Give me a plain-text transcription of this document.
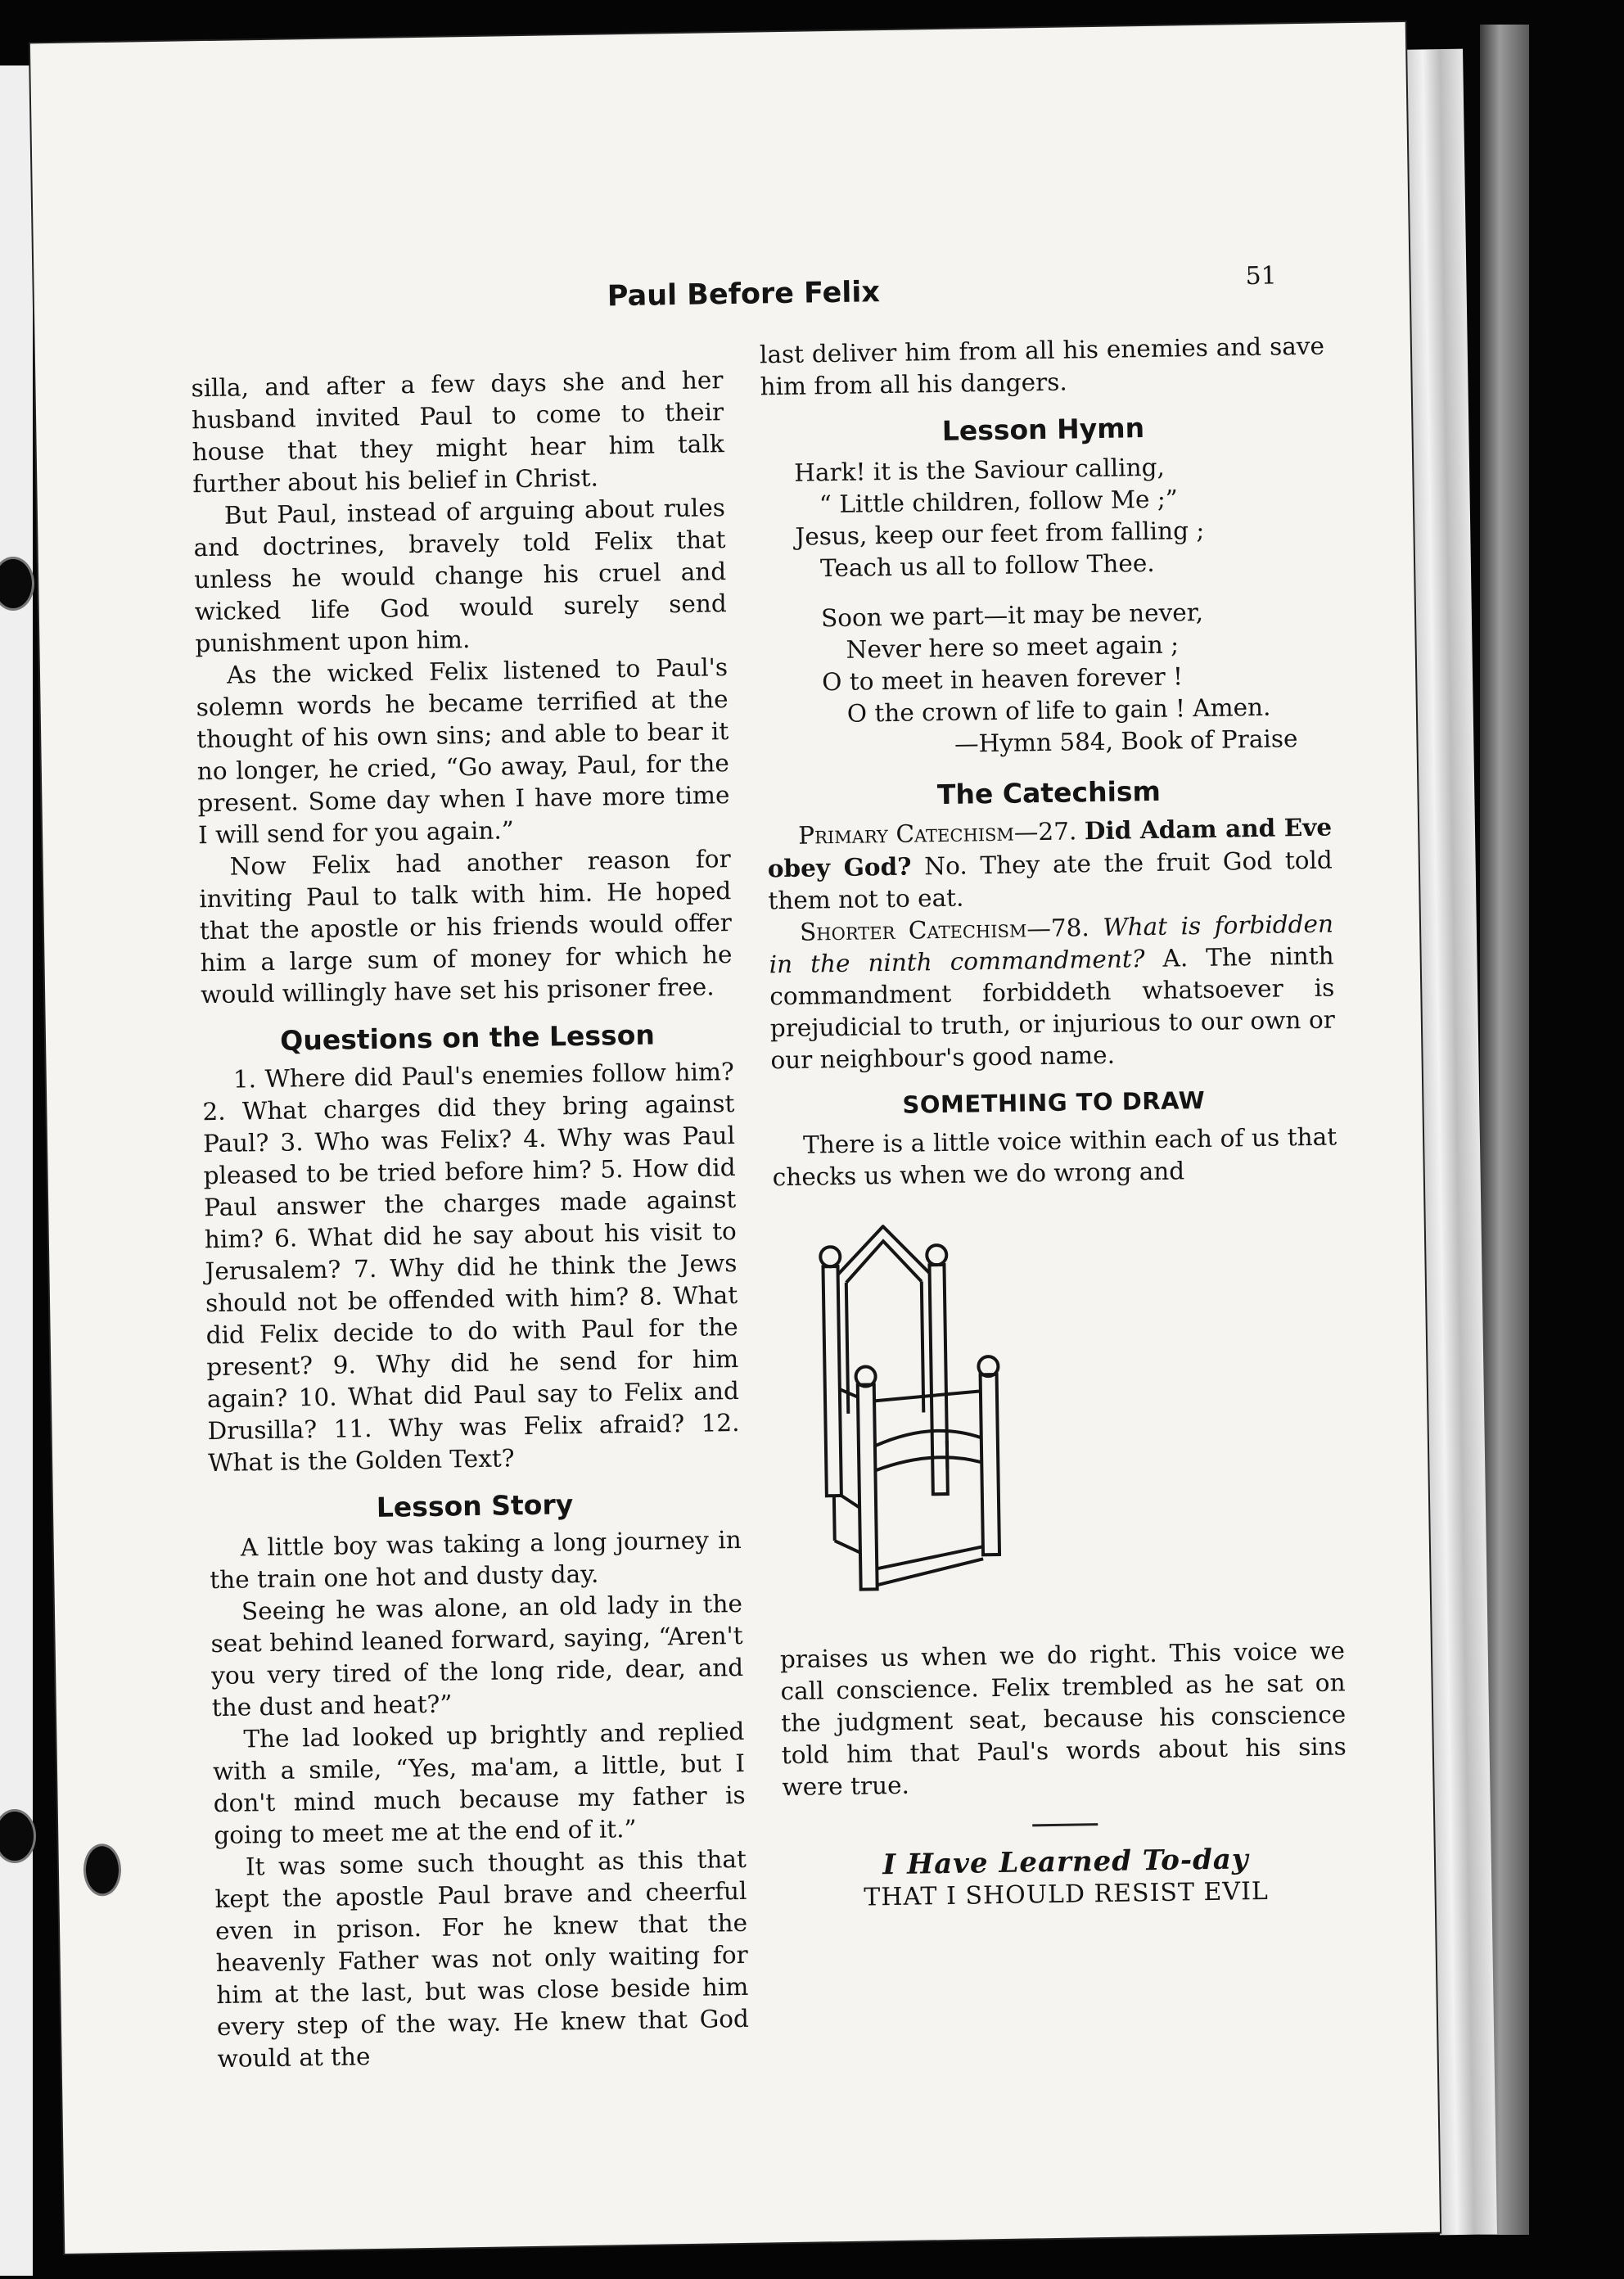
Paul Before Felix	51

silla, and after a few days she and her husband invited Paul to come to their house that they might hear him talk further about his belief in Christ.

But Paul, instead of arguing about rules and doctrines, bravely told Felix that unless he would change his cruel and wicked life God would surely send punishment upon him.

As the wicked Felix listened to Paul's solemn words he became terrified at the thought of his own sins; and able to bear it no longer, he cried, “Go away, Paul, for the present. Some day when I have more time I will send for you again.”

Now Felix had another reason for inviting Paul to talk with him. He hoped that the apostle or his friends would offer him a large sum of money for which he would willingly have set his prisoner free.

Questions on the Lesson

1. Where did Paul's enemies follow him? 2. What charges did they bring against Paul? 3. Who was Felix? 4. Why was Paul pleased to be tried before him? 5. How did Paul answer the charges made against him? 6. What did he say about his visit to Jerusalem? 7. Why did he think the Jews should not be offended with him? 8. What did Felix decide to do with Paul for the present? 9. Why did he send for him again? 10. What did Paul say to Felix and Drusilla? 11. Why was Felix afraid? 12. What is the Golden Text?

Lesson Story

A little boy was taking a long journey in the train one hot and dusty day.

Seeing he was alone, an old lady in the seat behind leaned forward, saying, “Aren't you very tired of the long ride, dear, and the dust and heat?”

The lad looked up brightly and replied with a smile, “Yes, ma'am, a little, but I don't mind much because my father is going to meet me at the end of it.”

It was some such thought as this that kept the apostle Paul brave and cheerful even in prison. For he knew that the heavenly Father was not only waiting for him at the last, but was close beside him every step of the way. He knew that God would at the

last deliver him from all his enemies and save him from all his dangers.

Lesson Hymn
Hark! it is the Saviour calling,
“ Little children, follow Me ;”
Jesus, keep our feet from falling ;
Teach us all to follow Thee.
Soon we part—it may be never,
Never here so meet again ;
O to meet in heaven forever !
O the crown of life to gain ! Amen.
—Hymn 584, Book of Praise
The Catechism

Primary Catechism—27. Did Adam and Eve obey God? No. They ate the fruit God told them not to eat.

Shorter Catechism—78. What is forbidden in the ninth commandment? A. The ninth commandment forbiddeth whatsoever is prejudicial to truth, or injurious to our own or our neighbour's good name.

SOMETHING TO DRAW

There is a little voice within each of us that checks us when we do wrong and

praises us when we do right. This voice we call conscience. Felix trembled as he sat on the judgment seat, because his conscience told him that Paul's words about his sins were true.

I Have Learned To-day
THAT I SHOULD RESIST EVIL
